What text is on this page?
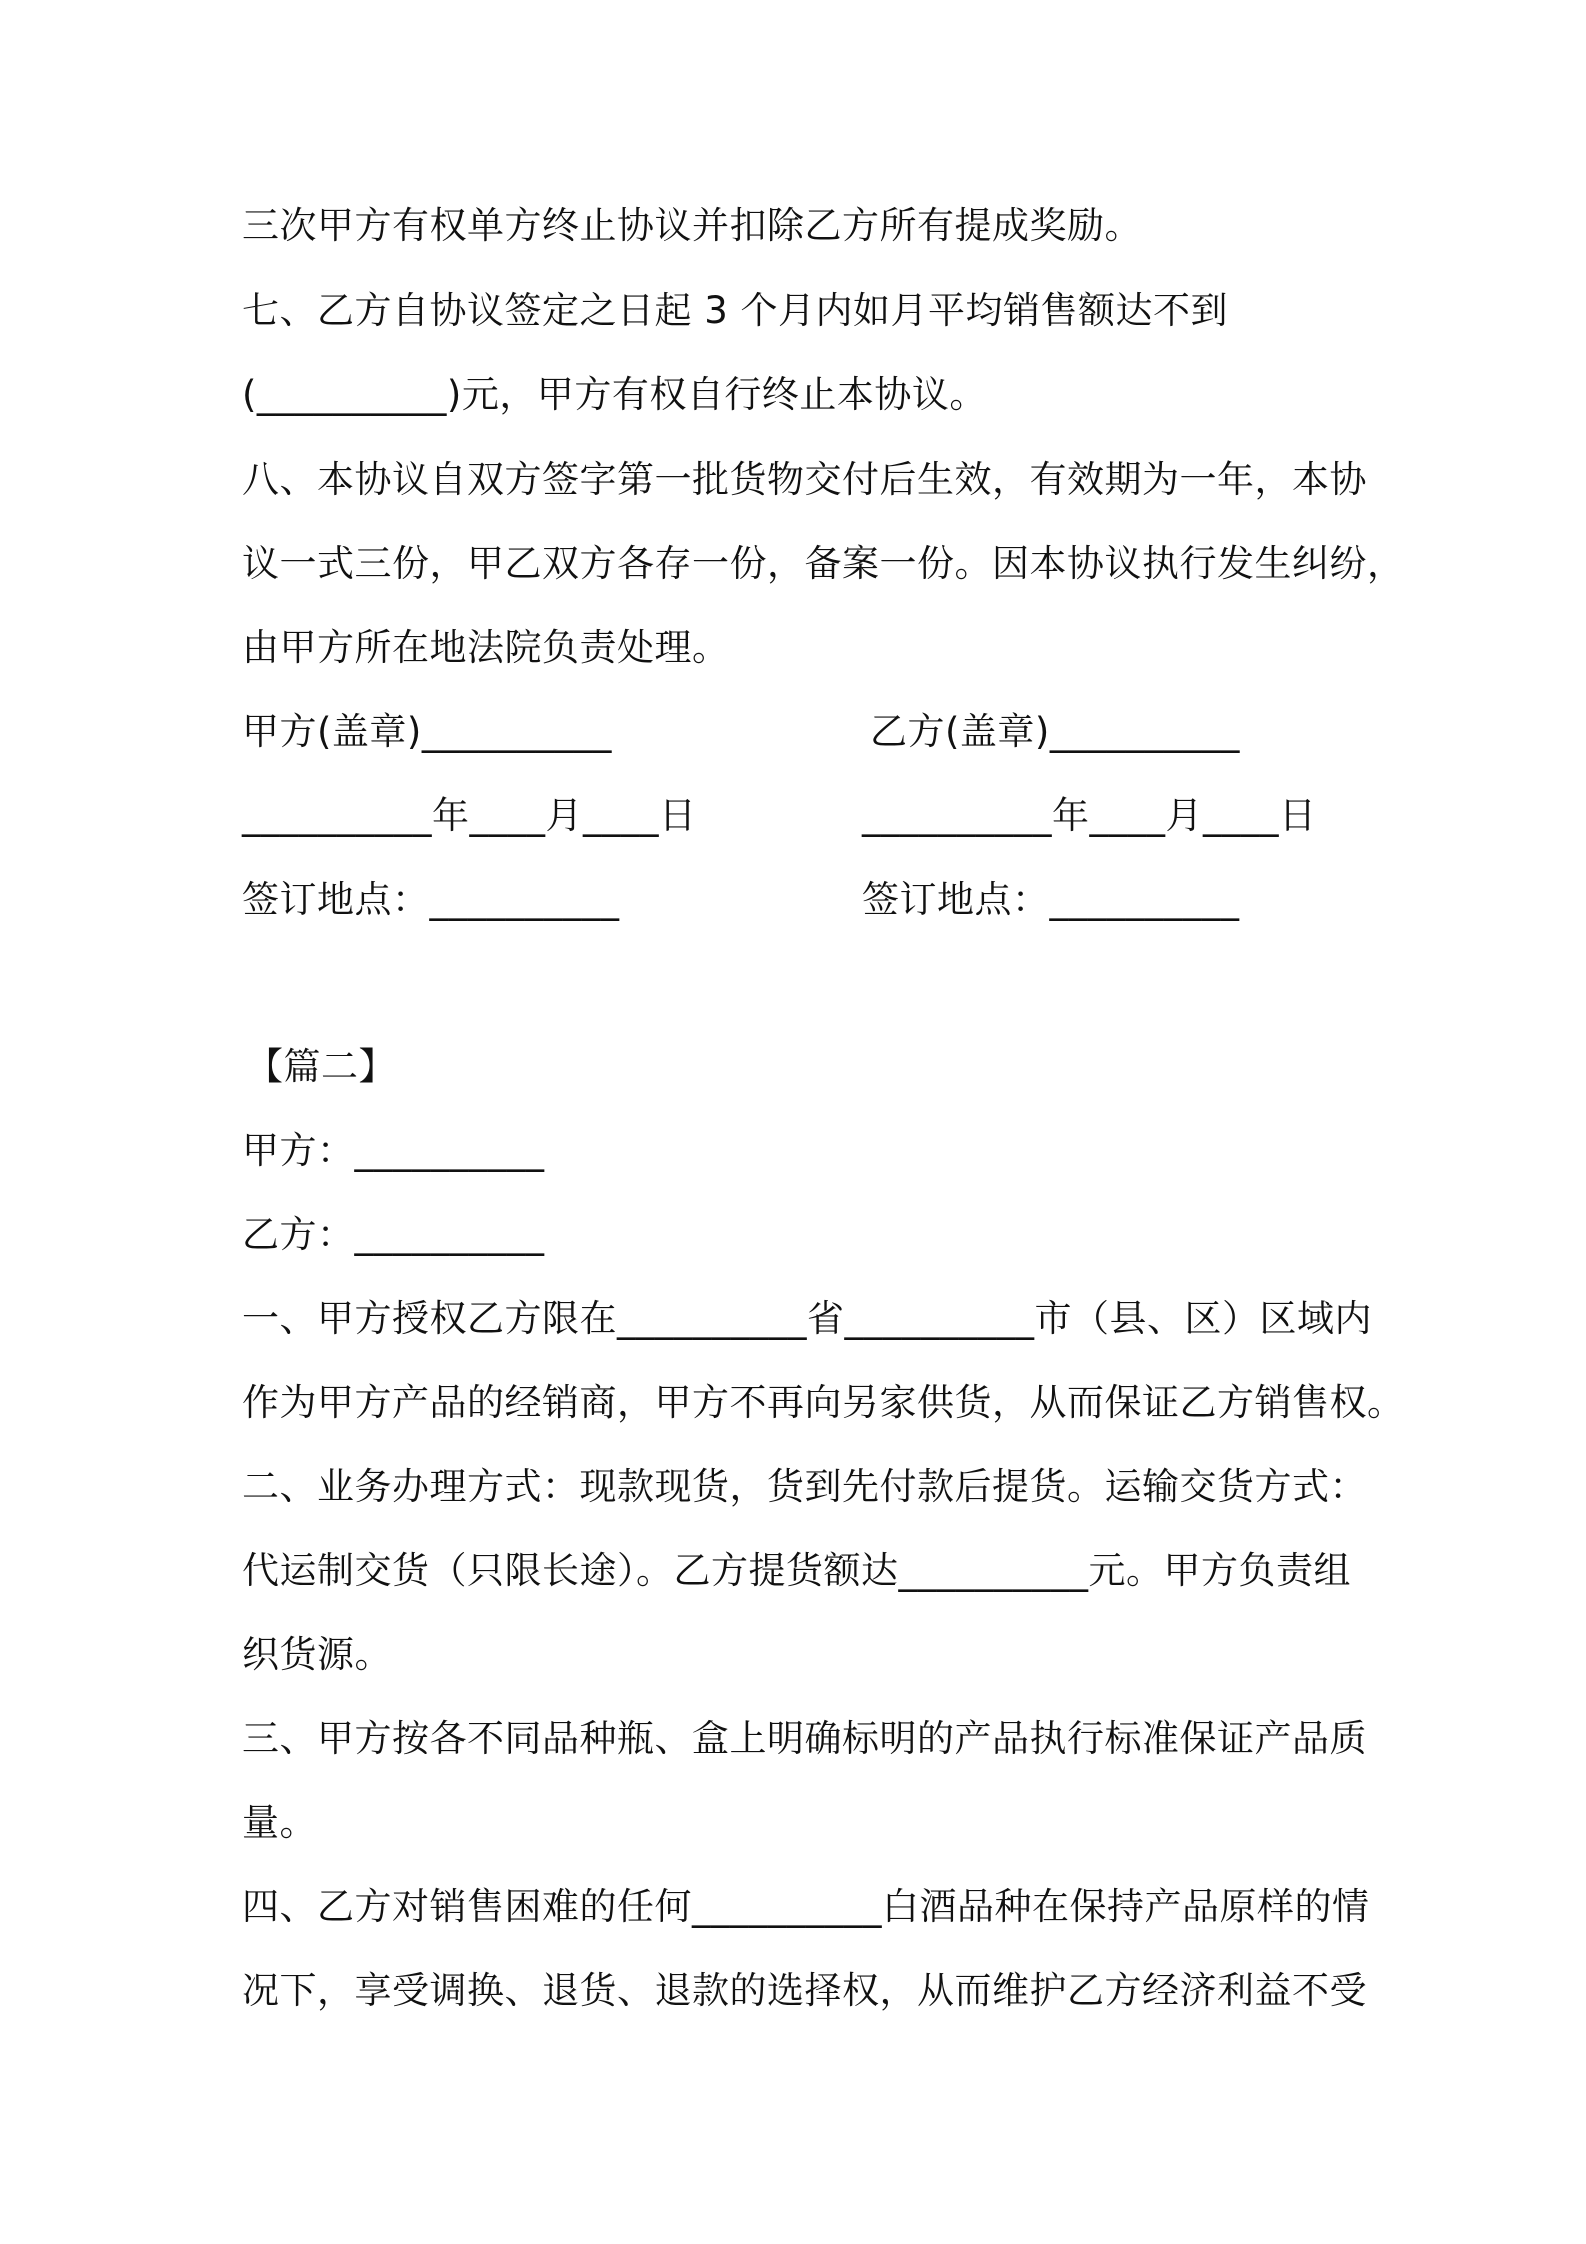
三次甲方有权单方终止协议并扣除乙方所有提成奖励。
七、乙方自协议签定之日起 3 个月内如月平均销售额达不到
(__________)元，甲方有权自行终止本协议。
八、本协议自双方签字第一批货物交付后生效，有效期为一年，本协
议一式三份，甲乙双方各存一份，备案一份。因本协议执行发生纠纷，
由甲方所在地法院负责处理。
甲方(盖章)__________	乙方(盖章)__________
__________年____月____日	__________年____月____日
签订地点：__________	签订地点：__________
【篇二】
甲方：__________
乙方：__________
一、甲方授权乙方限在__________省__________市（县、区）区域内
作为甲方产品的经销商，甲方不再向另家供货，从而保证乙方销售权。
二、业务办理方式：现款现货，货到先付款后提货。运输交货方式：
代运制交货（只限长途）。乙方提货额达__________元。甲方负责组
织货源。
三、甲方按各不同品种瓶、盒上明确标明的产品执行标准保证产品质
量。
四、乙方对销售困难的任何__________白酒品种在保持产品原样的情
况下，享受调换、退货、退款的选择权，从而维护乙方经济利益不受
